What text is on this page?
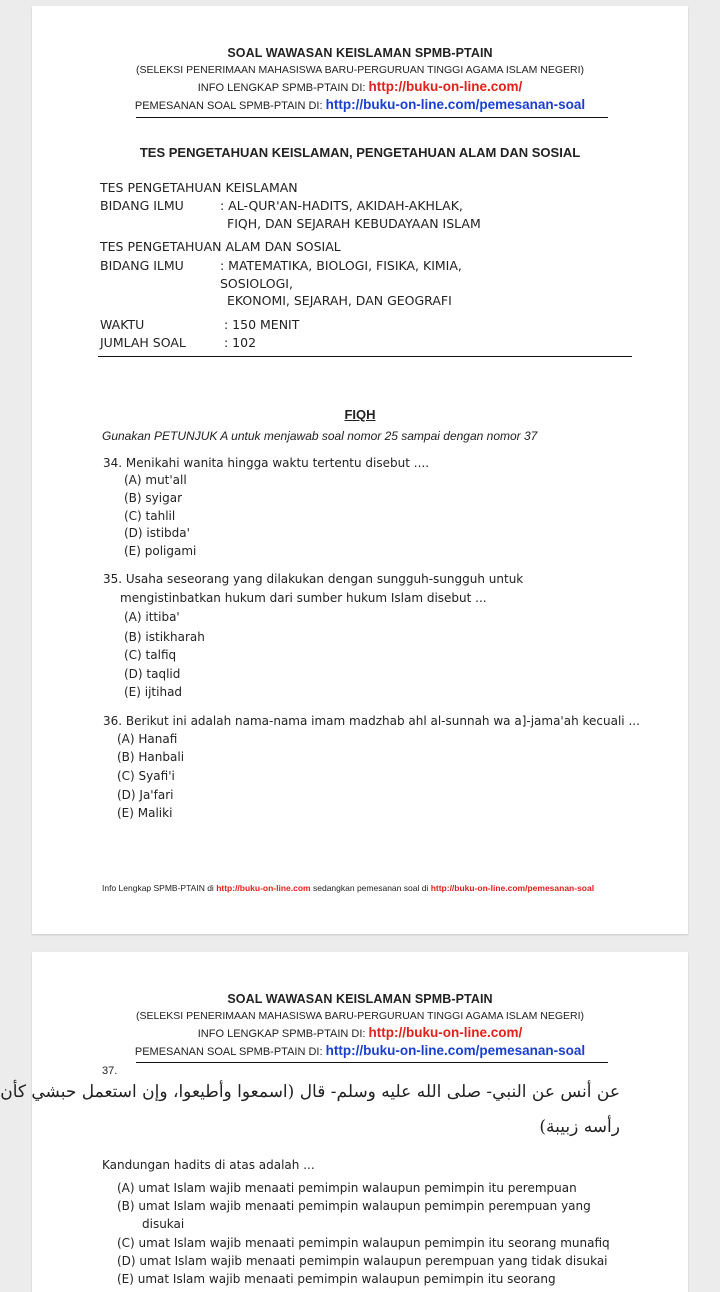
SOAL WAWASAN KEISLAMAN SPMB-PTAIN
(SELEKSI PENERIMAAN MAHASISWA BARU-PERGURUAN TINGGI AGAMA ISLAM NEGERI)
INFO LENGKAP SPMB-PTAIN DI: http://buku-on-line.com/
PEMESANAN SOAL SPMB-PTAIN DI: http://buku-on-line.com/pemesanan-soal
TES PENGETAHUAN KEISLAMAN, PENGETAHUAN ALAM DAN SOSIAL
TES PENGETAHUAN KEISLAMAN
BIDANG ILMU	: AL-QUR'AN-HADITS, AKIDAH-AKHLAK,
FIQH, DAN SEJARAH KEBUDAYAAN ISLAM
TES PENGETAHUAN ALAM DAN SOSIAL
BIDANG ILMU	: MATEMATIKA, BIOLOGI, FISIKA, KIMIA,
SOSIOLOGI,
EKONOMI, SEJARAH, DAN GEOGRAFI
WAKTU	: 150 MENIT
JUMLAH SOAL	: 102
FIQH
Gunakan PETUNJUK A untuk menjawab soal nomor 25 sampai dengan nomor 37
34. Menikahi wanita hingga waktu tertentu disebut ....
(A) mut'all
(B) syigar
(C) tahlil
(D) istibda'
(E) poligami
35. Usaha seseorang yang dilakukan dengan sungguh-sungguh untuk
mengistinbatkan hukum dari sumber hukum Islam disebut ...
(A) ittiba'
(B) istikharah
(C) talfiq
(D) taqlid
(E) ijtihad
36. Berikut ini adalah nama-nama imam madzhab ahl al-sunnah wa a]-jama'ah kecuali ...
(A) Hanafi
(B) Hanbali
(C) Syafi'i
(D) Ja'fari
(E) Maliki
Info Lengkap SPMB-PTAIN di http://buku-on-line.com sedangkan pemesanan soal di http://buku-on-line.com/pemesanan-soal
SOAL WAWASAN KEISLAMAN SPMB-PTAIN
(SELEKSI PENERIMAAN MAHASISWA BARU-PERGURUAN TINGGI AGAMA ISLAM NEGERI)
INFO LENGKAP SPMB-PTAIN DI: http://buku-on-line.com/
PEMESANAN SOAL SPMB-PTAIN DI: http://buku-on-line.com/pemesanan-soal
37.
عن أنس عن النبي- صلى الله عليه وسلم- قال (اسمعوا وأطيعوا، وإن استعمل حبشي كأن
رأسه زبيبة)
Kandungan hadits di atas adalah ...
(A) umat Islam wajib menaati pemimpin walaupun pemimpin itu perempuan
(B) umat Islam wajib menaati pemimpin walaupun pemimpin perempuan yang
disukai
(C) umat Islam wajib menaati pemimpin walaupun pemimpin itu seorang munafiq
(D) umat Islam wajib menaati pemimpin walaupun perempuan yang tidak disukai
(E) umat Islam wajib menaati pemimpin walaupun pemimpin itu seorang
